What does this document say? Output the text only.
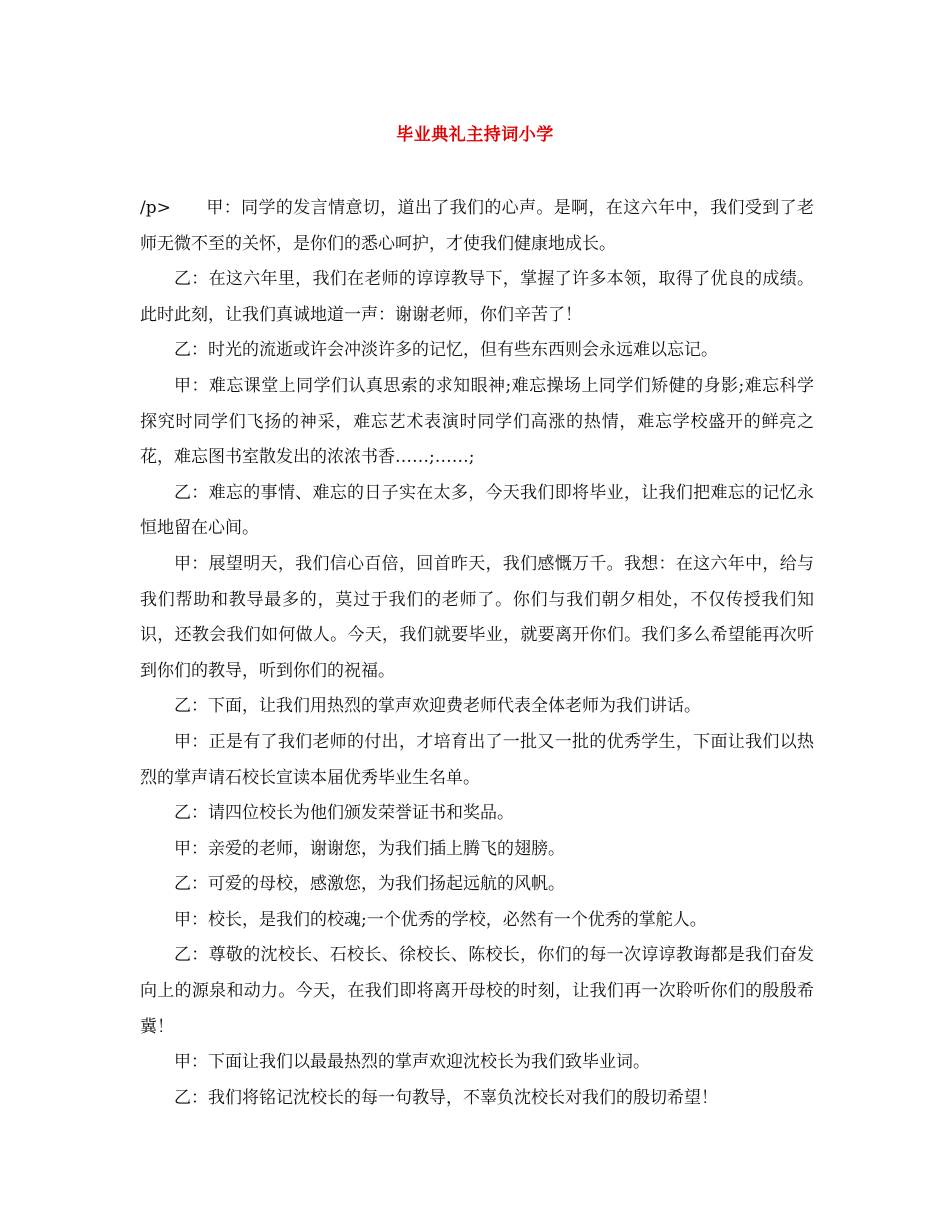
毕业典礼主持词小学

/p> 甲：同学的发言情意切，道出了我们的心声。是啊，在这六年中，我们受到了老师无微不至的关怀，是你们的悉心呵护，才使我们健康地成长。

乙：在这六年里，我们在老师的谆谆教导下，掌握了许多本领，取得了优良的成绩。此时此刻，让我们真诚地道一声：谢谢老师，你们辛苦了！

乙：时光的流逝或许会冲淡许多的记忆，但有些东西则会永远难以忘记。

甲：难忘课堂上同学们认真思索的求知眼神;难忘操场上同学们矫健的身影;难忘科学探究时同学们飞扬的神采，难忘艺术表演时同学们高涨的热情，难忘学校盛开的鲜亮之花，难忘图书室散发出的浓浓书香……;……;

乙：难忘的事情、难忘的日子实在太多，今天我们即将毕业，让我们把难忘的记忆永恒地留在心间。

甲：展望明天，我们信心百倍，回首昨天，我们感慨万千。我想：在这六年中，给与我们帮助和教导最多的，莫过于我们的老师了。你们与我们朝夕相处，不仅传授我们知识，还教会我们如何做人。今天，我们就要毕业，就要离开你们。我们多么希望能再次听到你们的教导，听到你们的祝福。

乙：下面，让我们用热烈的掌声欢迎费老师代表全体老师为我们讲话。

甲：正是有了我们老师的付出，才培育出了一批又一批的优秀学生，下面让我们以热烈的掌声请石校长宣读本届优秀毕业生名单。

乙：请四位校长为他们颁发荣誉证书和奖品。

甲：亲爱的老师，谢谢您，为我们插上腾飞的翅膀。

乙：可爱的母校，感激您，为我们扬起远航的风帆。

甲：校长，是我们的校魂;一个优秀的学校，必然有一个优秀的掌舵人。

乙：尊敬的沈校长、石校长、徐校长、陈校长，你们的每一次谆谆教诲都是我们奋发向上的源泉和动力。今天，在我们即将离开母校的时刻，让我们再一次聆听你们的殷殷希冀！

甲：下面让我们以最最热烈的掌声欢迎沈校长为我们致毕业词。

乙：我们将铭记沈校长的每一句教导，不辜负沈校长对我们的殷切希望！
